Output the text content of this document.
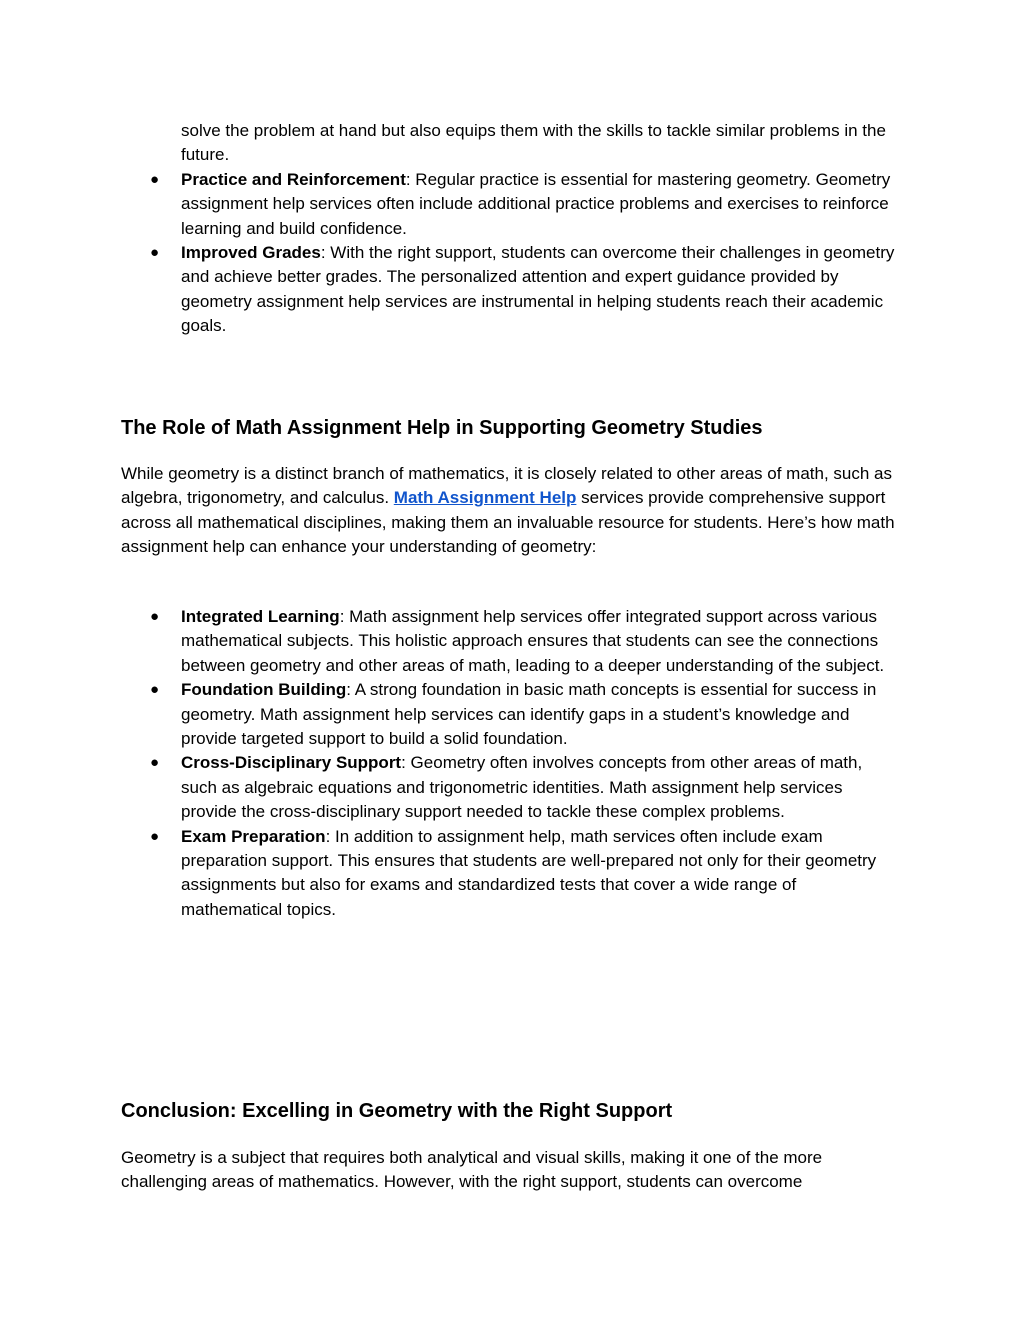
solve the problem at hand but also equips them with the skills to tackle similar problems in the future.
● Practice and Reinforcement: Regular practice is essential for mastering geometry. Geometry assignment help services often include additional practice problems and exercises to reinforce learning and build confidence.
● Improved Grades: With the right support, students can overcome their challenges in geometry and achieve better grades. The personalized attention and expert guidance provided by geometry assignment help services are instrumental in helping students reach their academic goals.
The Role of Math Assignment Help in Supporting Geometry Studies

While geometry is a distinct branch of mathematics, it is closely related to other areas of math, such as algebra, trigonometry, and calculus. Math Assignment Help services provide comprehensive support across all mathematical disciplines, making them an invaluable resource for students. Here’s how math assignment help can enhance your understanding of geometry:

● Integrated Learning: Math assignment help services offer integrated support across various mathematical subjects. This holistic approach ensures that students can see the connections between geometry and other areas of math, leading to a deeper understanding of the subject.
● Foundation Building: A strong foundation in basic math concepts is essential for success in geometry. Math assignment help services can identify gaps in a student’s knowledge and provide targeted support to build a solid foundation.
● Cross-Disciplinary Support: Geometry often involves concepts from other areas of math, such as algebraic equations and trigonometric identities. Math assignment help services provide the cross-disciplinary support needed to tackle these complex problems.
● Exam Preparation: In addition to assignment help, math services often include exam preparation support. This ensures that students are well-prepared not only for their geometry assignments but also for exams and standardized tests that cover a wide range of mathematical topics.
Conclusion: Excelling in Geometry with the Right Support

Geometry is a subject that requires both analytical and visual skills, making it one of the more challenging areas of mathematics. However, with the right support, students can overcome
